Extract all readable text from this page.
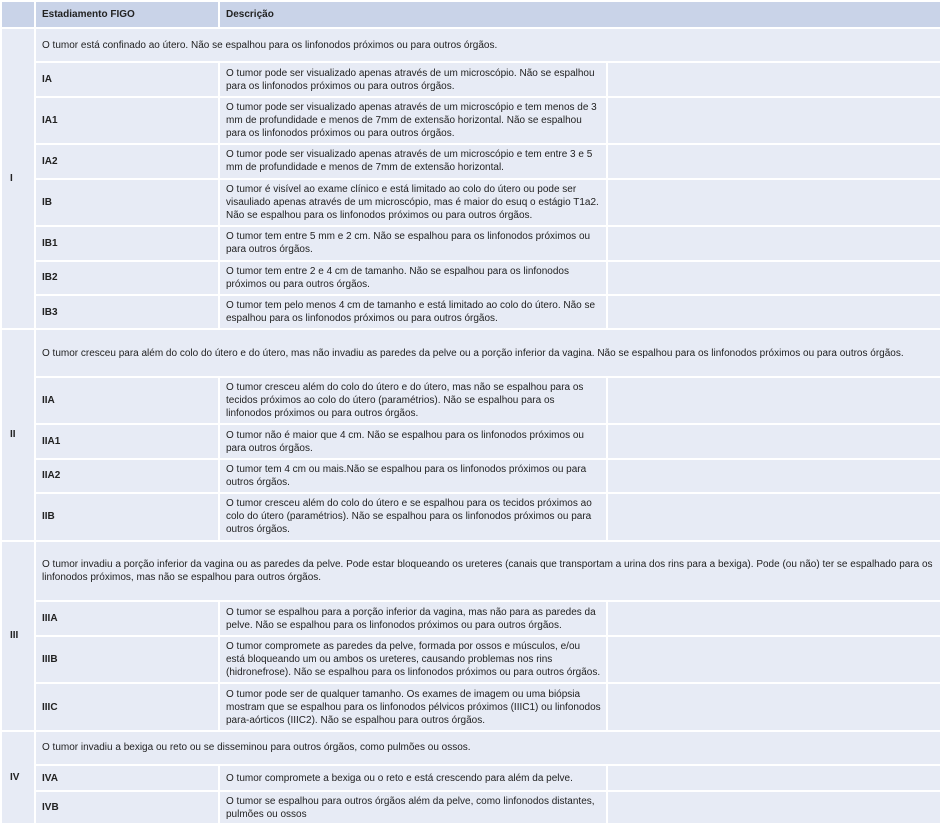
	Estadiamento FIGO	Descrição	
I	O tumor está confinado ao útero. Não se espalhou para os linfonodos próximos ou para outros órgãos.		
	IA	O tumor pode ser visualizado apenas através de um microscópio. Não se espalhou para os linfonodos próximos ou para outros órgãos.	
	IA1	O tumor pode ser visualizado apenas através de um microscópio e tem menos de 3 mm de profundidade e menos de 7mm de extensão horizontal. Não se espalhou para os linfonodos próximos ou para outros órgãos.	
	IA2	O tumor pode ser visualizado apenas através de um microscópio e tem entre 3 e 5 mm de profundidade e menos de 7mm de extensão horizontal.	
	IB	O tumor é visível ao exame clínico e está limitado ao colo do útero ou pode ser visauliado apenas através de um microscópio, mas é maior do esuq o estágio T1a2. Não se espalhou para os linfonodos próximos ou para outros órgãos.	
	IB1	O tumor tem entre 5 mm e 2 cm. Não se espalhou para os linfonodos próximos ou para outros órgãos.	
	IB2	O tumor tem entre 2 e 4 cm de tamanho. Não se espalhou para os linfonodos próximos ou para outros órgãos.	
	IB3	O tumor tem pelo menos 4 cm de tamanho e está limitado ao colo do útero. Não se espalhou para os linfonodos próximos ou para outros órgãos.	
II	O tumor cresceu para além do colo do útero e do útero, mas não invadiu as paredes da pelve ou a porção inferior da vagina. Não se espalhou para os linfonodos próximos ou para outros órgãos.		
	IIA	O tumor cresceu além do colo do útero e do útero, mas não se espalhou para os tecidos próximos ao colo do útero (paramétrios). Não se espalhou para os linfonodos próximos ou para outros órgãos.	
	IIA1	O tumor não é maior que 4 cm. Não se espalhou para os linfonodos próximos ou para outros órgãos.	
	IIA2	O tumor tem 4 cm ou mais.Não se espalhou para os linfonodos próximos ou para outros órgãos.	
	IIB	O tumor cresceu além do colo do útero e se espalhou para os tecidos próximos ao colo do útero (paramétrios). Não se espalhou para os linfonodos próximos ou para outros órgãos.	
III	O tumor invadiu a porção inferior da vagina ou as paredes da pelve. Pode estar bloqueando os ureteres (canais que transportam a urina dos rins para a bexiga). Pode (ou não) ter se espalhado para os linfonodos próximos, mas não se espalhou para outros órgãos.		
	IIIA	O tumor se espalhou para a porção inferior da vagina, mas não para as paredes da pelve. Não se espalhou para os linfonodos próximos ou para outros órgãos.	
	IIIB	O tumor compromete as paredes da pelve, formada por ossos e músculos, e/ou está bloqueando um ou ambos os ureteres, causando problemas nos rins (hidronefrose). Não se espalhou para os linfonodos próximos ou para outros órgãos.	
	IIIC	O tumor pode ser de qualquer tamanho. Os exames de imagem ou uma biópsia mostram que se espalhou para os linfonodos pélvicos próximos (IIIC1) ou linfonodos para-aórticos (IIIC2). Não se espalhou para outros órgãos.	
IV	O tumor invadiu a bexiga ou reto ou se disseminou para outros órgãos, como pulmões ou ossos.		
	IVA	O tumor compromete a bexiga ou o reto e está crescendo para além da pelve.	
	IVB	O tumor se espalhou para outros órgãos além da pelve, como linfonodos distantes, pulmões ou ossos	
